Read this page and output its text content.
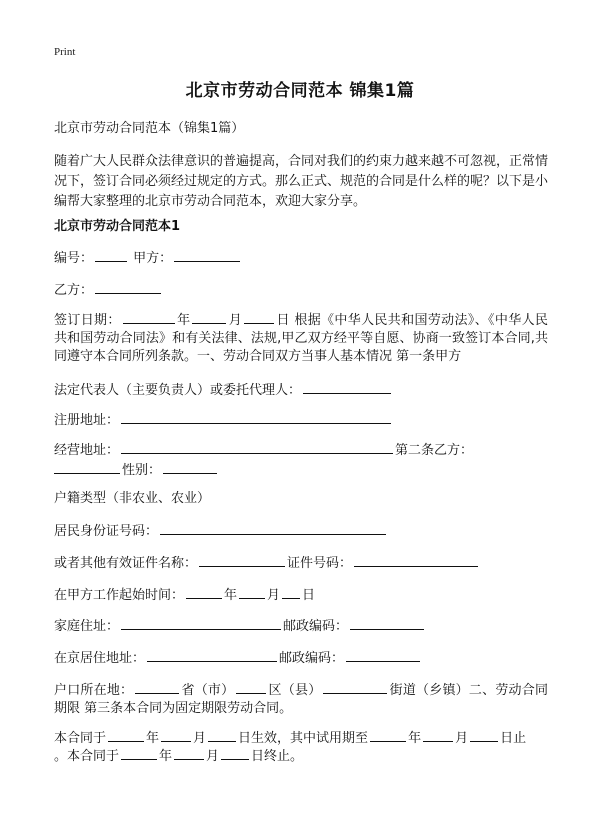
Print
北京市劳动合同范本 锦集1篇
北京市劳动合同范本（锦集1篇）
随着广大人民群众法律意识的普遍提高，合同对我们的约束力越来越不可忽视，正常情况下，签订合同必须经过规定的方式。那么正式、规范的合同是什么样的呢？以下是小编帮大家整理的北京市劳动合同范本，欢迎大家分享。
北京市劳动合同范本1
编号：	甲方：
乙方：
签订日期：	年	月	日 根据《中华人民共和国劳动法》、《中华人民共和国劳动合同法》和有关法律、法规,甲乙双方经平等自愿、协商一致签订本合同,共同遵守本合同所列条款。一、劳动合同双方当事人基本情况 第一条甲方
法定代表人（主要负责人）或委托代理人：
注册地址：
经营地址：	第二条乙方：
性别：
户籍类型（非农业、农业）
居民身份证号码：
或者其他有效证件名称：	证件号码：
在甲方工作起始时间：	年 月 日
家庭住址：	邮政编码：
在京居住地址：	邮政编码：
户口所在地：	省（市）	区（县）	街道（乡镇）二、劳动合同期限 第三条本合同为固定期限劳动合同。
本合同于	年	月 日生效，其中试用期至	年	月 日止
。本合同于	年	月 日终止。
